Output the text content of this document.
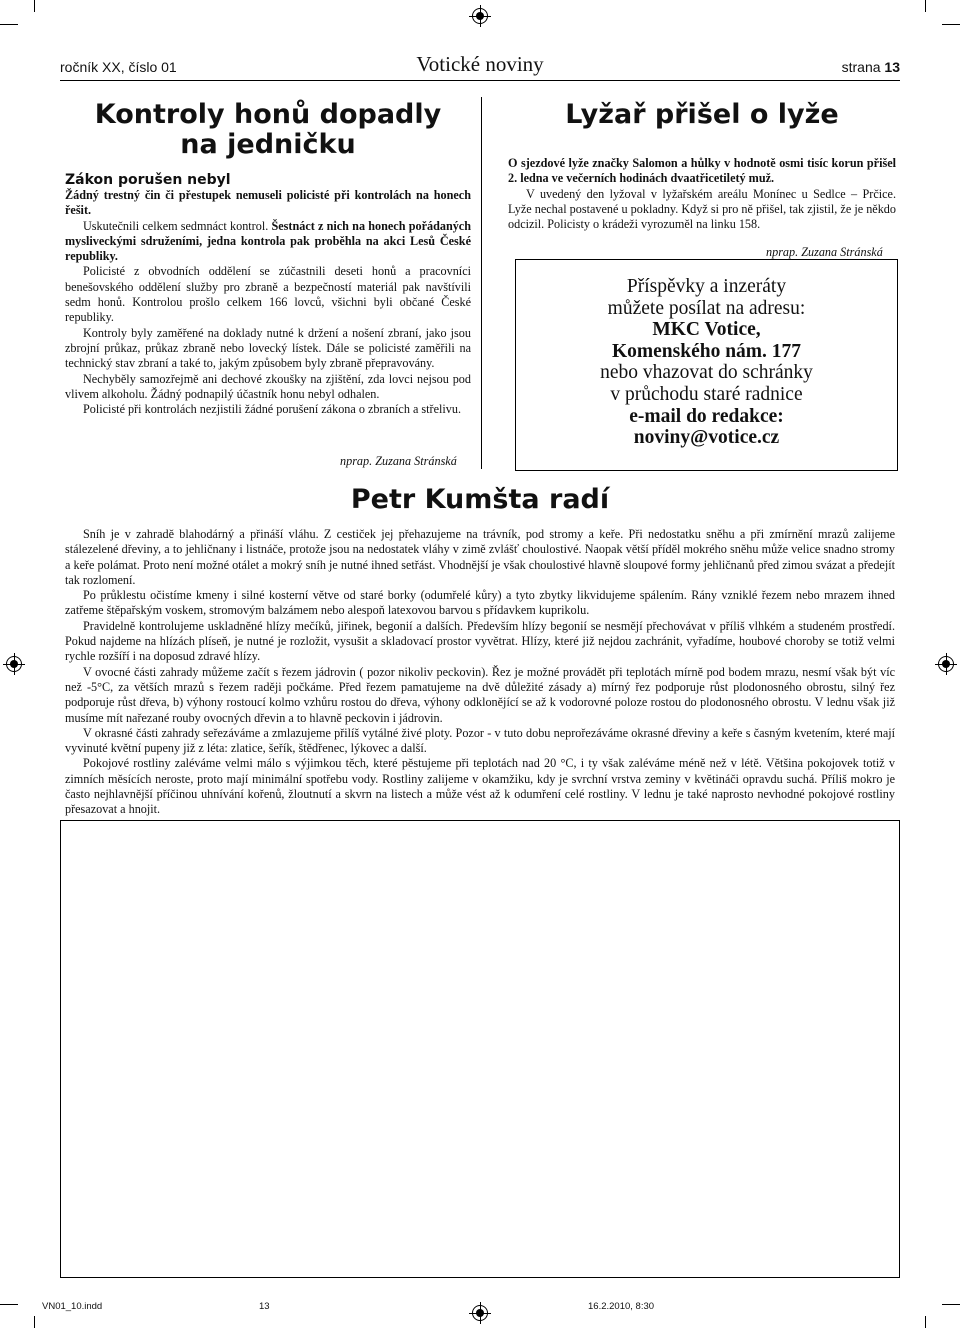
ročník XX, číslo 01	Votické noviny	strana 13
Kontroly honů dopadly
na jedničku
Zákon porušen nebyl

Žádný trestný čin či přestupek nemuseli policisté při kontrolách na honech řešit.

Uskutečnili celkem sedmnáct kontrol. Šestnáct z nich na honech pořádaných mysliveckými sdruženími, jedna kontrola pak proběhla na akci Lesů České republiky.

Policisté z obvodních oddělení se zúčastnili deseti honů a pracovníci benešovského oddělení služby pro zbraně a bezpečností materiál pak navštívili sedm honů. Kontrolou prošlo celkem 166 lovců, všichni byli občané České republiky.

Kontroly byly zaměřené na doklady nutné k držení a nošení zbraní, jako jsou zbrojní průkaz, průkaz zbraně nebo lovecký lístek. Dále se policisté zaměřili na technický stav zbraní a také to, jakým způsobem byly zbraně přepravovány.

Nechyběly samozřejmě ani dechové zkoušky na zjištění, zda lovci nejsou pod vlivem alkoholu. Žádný podnapilý účastník honu nebyl odhalen.

Policisté při kontrolách nezjistili žádné porušení zákona o zbraních a střelivu.

nprap. Zuzana Stránská
Lyžař přišel o lyže

O sjezdové lyže značky Salomon a hůlky v hodnotě osmi tisíc korun přišel 2. ledna ve večerních hodinách dvaatřicetiletý muž.

V uvedený den lyžoval v lyžařském areálu Monínec u Sedlce – Prčice. Lyže nechal postavené u pokladny. Když si pro ně přišel, tak zjistil, že je někdo odcizil. Policisty o krádeži vyrozuměl na linku 158.

nprap. Zuzana Stránská
Příspěvky a inzeráty
můžete posílat na adresu:
MKC Votice,
Komenského nám. 177
nebo vhazovat do schránky
v průchodu staré radnice
e-mail do redakce:
noviny@votice.cz
Petr Kumšta radí

Sníh je v zahradě blahodárný a přináší vláhu. Z cestiček jej přehazujeme na trávník, pod stromy a keře. Při nedostatku sněhu a při zmírnění mrazů zalijeme stálezelené dřeviny, a to jehličnany i listnáče, protože jsou na nedostatek vláhy v zimě zvlášť choulostivé. Naopak větší příděl mokrého sněhu může velice snadno stromy a keře polámat. Proto není možné otálet a mokrý sníh je nutné ihned setřást. Vhodnější je však choulostivé hlavně sloupové formy jehličnanů před zimou svázat a předejít tak rozlomení.

Po průklestu očistíme kmeny i silné kosterní větve od staré borky (odumřelé kůry) a tyto zbytky likvidujeme spálením. Rány vzniklé řezem nebo mrazem ihned zatřeme štěpařským voskem, stromovým balzámem nebo alespoň latexovou barvou s přídavkem kuprikolu.

Pravidelně kontrolujeme uskladněné hlízy mečíků, jiřinek, begonií a dalších. Především hlízy begonií se nesmějí přechovávat v příliš vlhkém a studeném prostředí. Pokud najdeme na hlízách plíseň, je nutné je rozložit, vysušit a skladovací prostor vyvětrat. Hlízy, které již nejdou zachránit, vyřadíme, houbové choroby se totiž velmi rychle rozšíří i na doposud zdravé hlízy.

V ovocné části zahrady můžeme začít s řezem jádrovin ( pozor nikoliv peckovin). Řez je možné provádět při teplotách mírně pod bodem mrazu, nesmí však být víc než -5°C, za větších mrazů s řezem raději počkáme. Před řezem pamatujeme na dvě důležité zásady a) mírný řez podporuje růst plodonosného obrostu, silný řez podporuje růst dřeva, b) výhony rostoucí kolmo vzhůru rostou do dřeva, výhony odklonějící se až k vodorovné poloze rostou do plodonosného obrostu. V lednu však již musíme mít nařezané rouby ovocných dřevin a to hlavně peckovin i jádrovin.

V okrasné části zahrady seřezáváme a zmlazujeme přilíš vytálné živé ploty. Pozor - v tuto dobu neprořezáváme okrasné dřeviny a keře s časným kvetením, které mají vyvinuté květní pupeny již z léta: zlatice, šeřík, štědřenec, lýkovec a další.

Pokojové rostliny zaléváme velmi málo s výjimkou těch, které pěstujeme při teplotách nad 20 °C, i ty však zaléváme méně než v létě. Většina pokojovek totiž v zimních měsících neroste, proto mají minimální spotřebu vody. Rostliny zalijeme v okamžiku, kdy je svrchní vrstva zeminy v květináči opravdu suchá. Příliš mokro je často nejhlavnější příčinou uhnívání kořenů, žloutnutí a skvrn na listech a může vést až k odumření celé rostliny. V lednu je také naprosto nevhodné pokojové rostliny přesazovat a hnojit.

VN01_10.indd	13	16.2.2010, 8:30
